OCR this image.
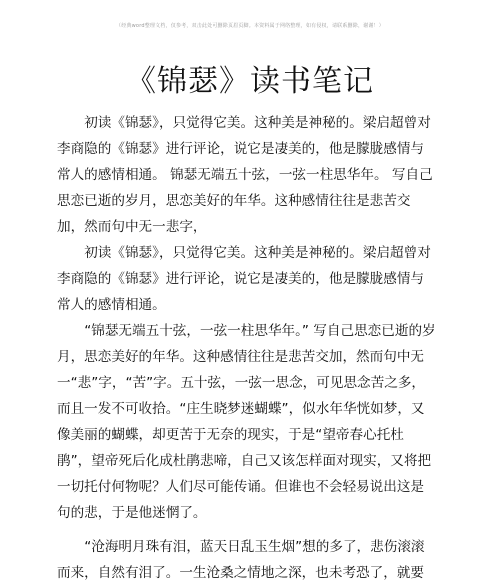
（经典word整理文档，仅参考，双击此处可删除页眉页脚。本资料属于网络整理，如有侵权，请联系删除，谢谢！）
《锦瑟》读书笔记

初读《锦瑟》，只觉得它美。这种美是神秘的。梁启超曾对李商隐的《锦瑟》进行评论，说它是凄美的，他是朦胧感情与常人的感情相通。 锦瑟无端五十弦，一弦一柱思华年。 写自己思恋已逝的岁月，思恋美好的年华。这种感情往往是悲苦交加，然而句中无一悲字，

初读《锦瑟》，只觉得它美。这种美是神秘的。梁启超曾对李商隐的《锦瑟》进行评论，说它是凄美的，他是朦胧感情与常人的感情相通。

“锦瑟无端五十弦，一弦一柱思华年。” 写自己思恋已逝的岁月，思恋美好的年华。这种感情往往是悲苦交加，然而句中无一“悲”字，“苦”字。五十弦，一弦一思念，可见思念苦之多，而且一发不可收拾。“庄生晓梦迷蝴蝶”，似水年华恍如梦，又像美丽的蝴蝶，却更苦于无奈的现实，于是“望帝春心托杜鹃”，望帝死后化成杜鹃悲啼，自己又该怎样面对现实，又将把一切托付何物呢？人们尽可能传诵。但谁也不会轻易说出这是句的悲，于是他迷惘了。

“沧海明月珠有泪，蓝天日乱玉生烟”想的多了，悲伤滚滚而来，自然有泪了。一生沧桑之情地之深，也未考恐了，就要
